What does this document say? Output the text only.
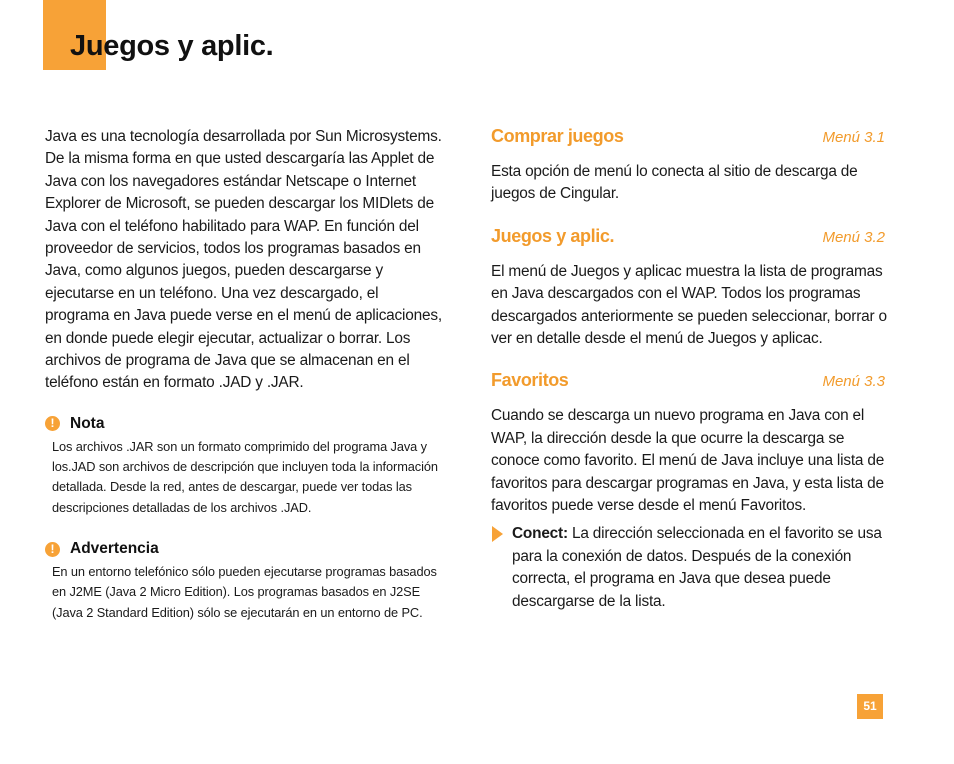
Juegos y aplic.

Java es una tecnología desarrollada por Sun Microsystems. De la misma forma en que usted descargaría las Applet de Java con los navegadores estándar Netscape o Internet Explorer de Microsoft, se pueden descargar los MIDlets de Java con el teléfono habilitado para WAP. En función del proveedor de servicios, todos los programas basados en Java, como algunos juegos, pueden descargarse y ejecutarse en un teléfono. Una vez descargado, el programa en Java puede verse en el menú de aplicaciones, en donde puede elegir ejecutar, actualizar o borrar. Los archivos de programa de Java que se almacenan en el teléfono están en formato .JAD y .JAR.

!	Nota

Los archivos .JAR son un formato comprimido del programa Java y los.JAD son archivos de descripción que incluyen toda la información detallada. Desde la red, antes de descargar, puede ver todas las descripciones detalladas de los archivos .JAD.

!	Advertencia

En un entorno telefónico sólo pueden ejecutarse programas basados en J2ME (Java 2 Micro Edition). Los programas basados en J2SE (Java 2 Standard Edition) sólo se ejecutarán en un entorno de PC.

Comprar juegos	Menú 3.1

Esta opción de menú lo conecta al sitio de descarga de juegos de Cingular.

Juegos y aplic.	Menú 3.2

El menú de Juegos y aplicac muestra la lista de programas en Java descargados con el WAP. Todos los programas descargados anteriormente se pueden seleccionar, borrar o ver en detalle desde el menú de Juegos y aplicac.

Favoritos	Menú 3.3

Cuando se descarga un nuevo programa en Java con el WAP, la dirección desde la que ocurre la descarga se conoce como favorito. El menú de Java incluye una lista de favoritos para descargar programas en Java, y esta lista de favoritos puede verse desde el menú Favoritos.

Conect: La dirección seleccionada en el favorito se usa para la conexión de datos. Después de la conexión correcta, el programa en Java que desea puede descargarse de la lista.
51
